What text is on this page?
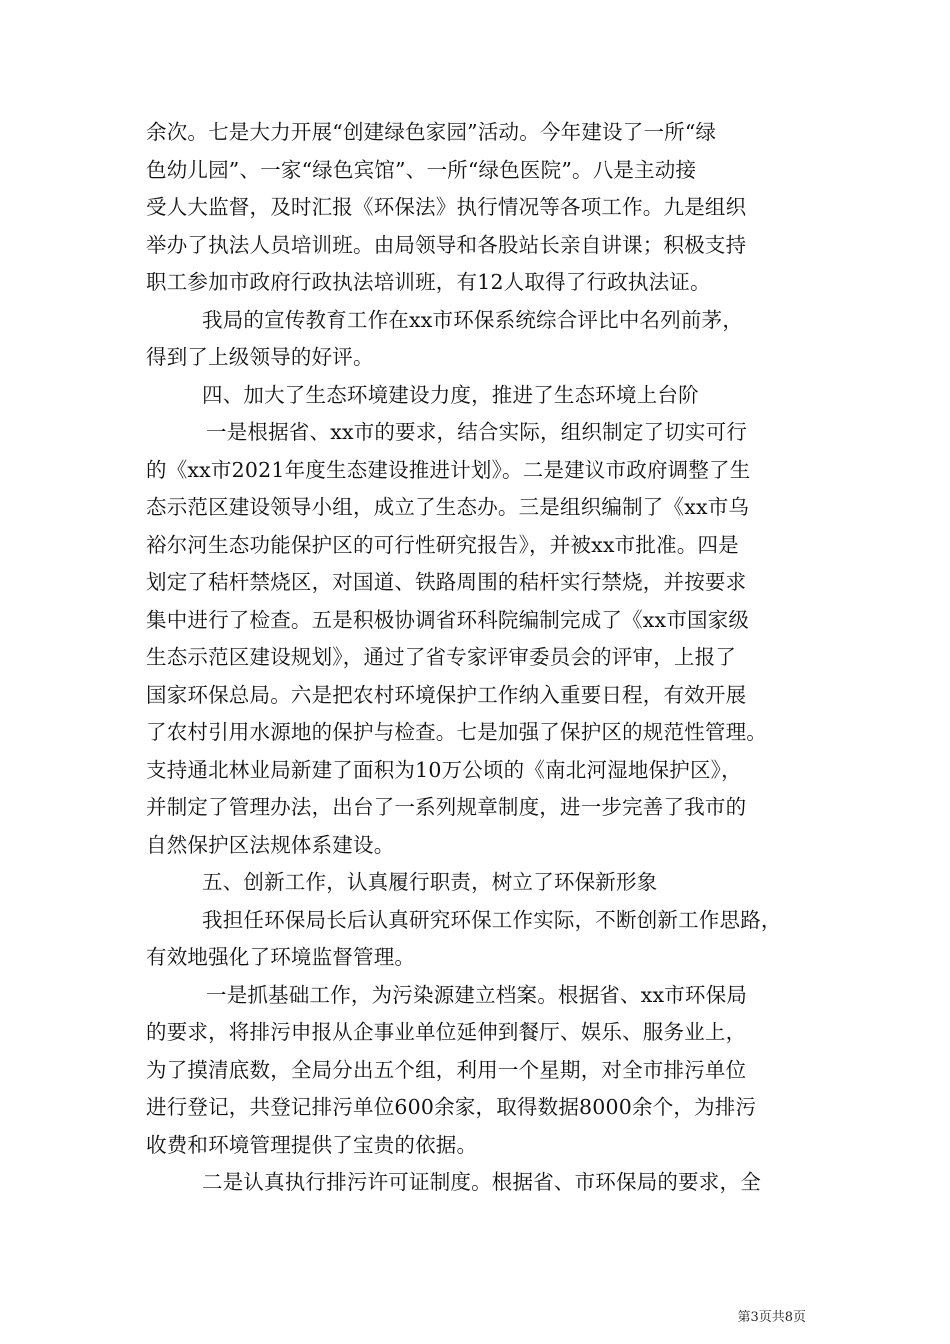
余次。七是大力开展“创建绿色家园”活动。今年建设了一所“绿
色幼儿园”、一家“绿色宾馆”、一所“绿色医院”。八是主动接
受人大监督，及时汇报《环保法》执行情况等各项工作。九是组织
举办了执法人员培训班。由局领导和各股站长亲自讲课；积极支持
职工参加市政府行政执法培训班，有12人取得了行政执法证。
我局的宣传教育工作在xx市环保系统综合评比中名列前茅，
得到了上级领导的好评。
四、加大了生态环境建设力度，推进了生态环境上台阶
一是根据省、xx市的要求，结合实际，组织制定了切实可行
的《xx市2021年度生态建设推进计划》。二是建议市政府调整了生
态示范区建设领导小组，成立了生态办。三是组织编制了《xx市乌
裕尔河生态功能保护区的可行性研究报告》，并被xx市批准。四是
划定了秸杆禁烧区，对国道、铁路周围的秸杆实行禁烧，并按要求
集中进行了检查。五是积极协调省环科院编制完成了《xx市国家级
生态示范区建设规划》，通过了省专家评审委员会的评审，上报了
国家环保总局。六是把农村环境保护工作纳入重要日程，有效开展
了农村引用水源地的保护与检查。七是加强了保护区的规范性管理。
支持通北林业局新建了面积为10万公顷的《南北河湿地保护区》，
并制定了管理办法，出台了一系列规章制度，进一步完善了我市的
自然保护区法规体系建设。
五、创新工作，认真履行职责，树立了环保新形象
我担任环保局长后认真研究环保工作实际，不断创新工作思路，
有效地强化了环境监督管理。
一是抓基础工作，为污染源建立档案。根据省、xx市环保局
的要求，将排污申报从企事业单位延伸到餐厅、娱乐、服务业上，
为了摸清底数，全局分出五个组，利用一个星期，对全市排污单位
进行登记，共登记排污单位600余家，取得数据8000余个，为排污
收费和环境管理提供了宝贵的依据。
二是认真执行排污许可证制度。根据省、市环保局的要求，全
第3页共8页
